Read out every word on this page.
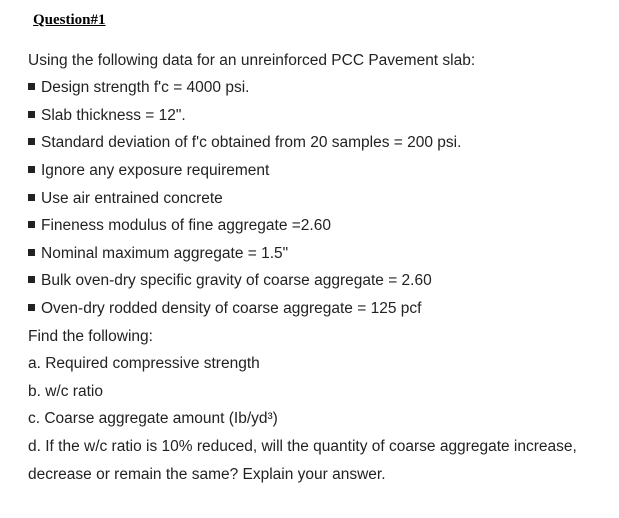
Question#1

Using the following data for an unreinforced PCC Pavement slab:

Design strength f'c = 4000 psi.

Slab thickness = 12".

Standard deviation of f'c obtained from 20 samples = 200 psi.

Ignore any exposure requirement

Use air entrained concrete

Fineness modulus of fine aggregate =2.60

Nominal maximum aggregate = 1.5"

Bulk oven-dry specific gravity of coarse aggregate = 2.60

Oven-dry rodded density of coarse aggregate = 125 pcf

Find the following:

a. Required compressive strength

b. w/c ratio

c. Coarse aggregate amount (Ib/yd³)

d. If the w/c ratio is 10% reduced, will the quantity of coarse aggregate increase,

decrease or remain the same? Explain your answer.
